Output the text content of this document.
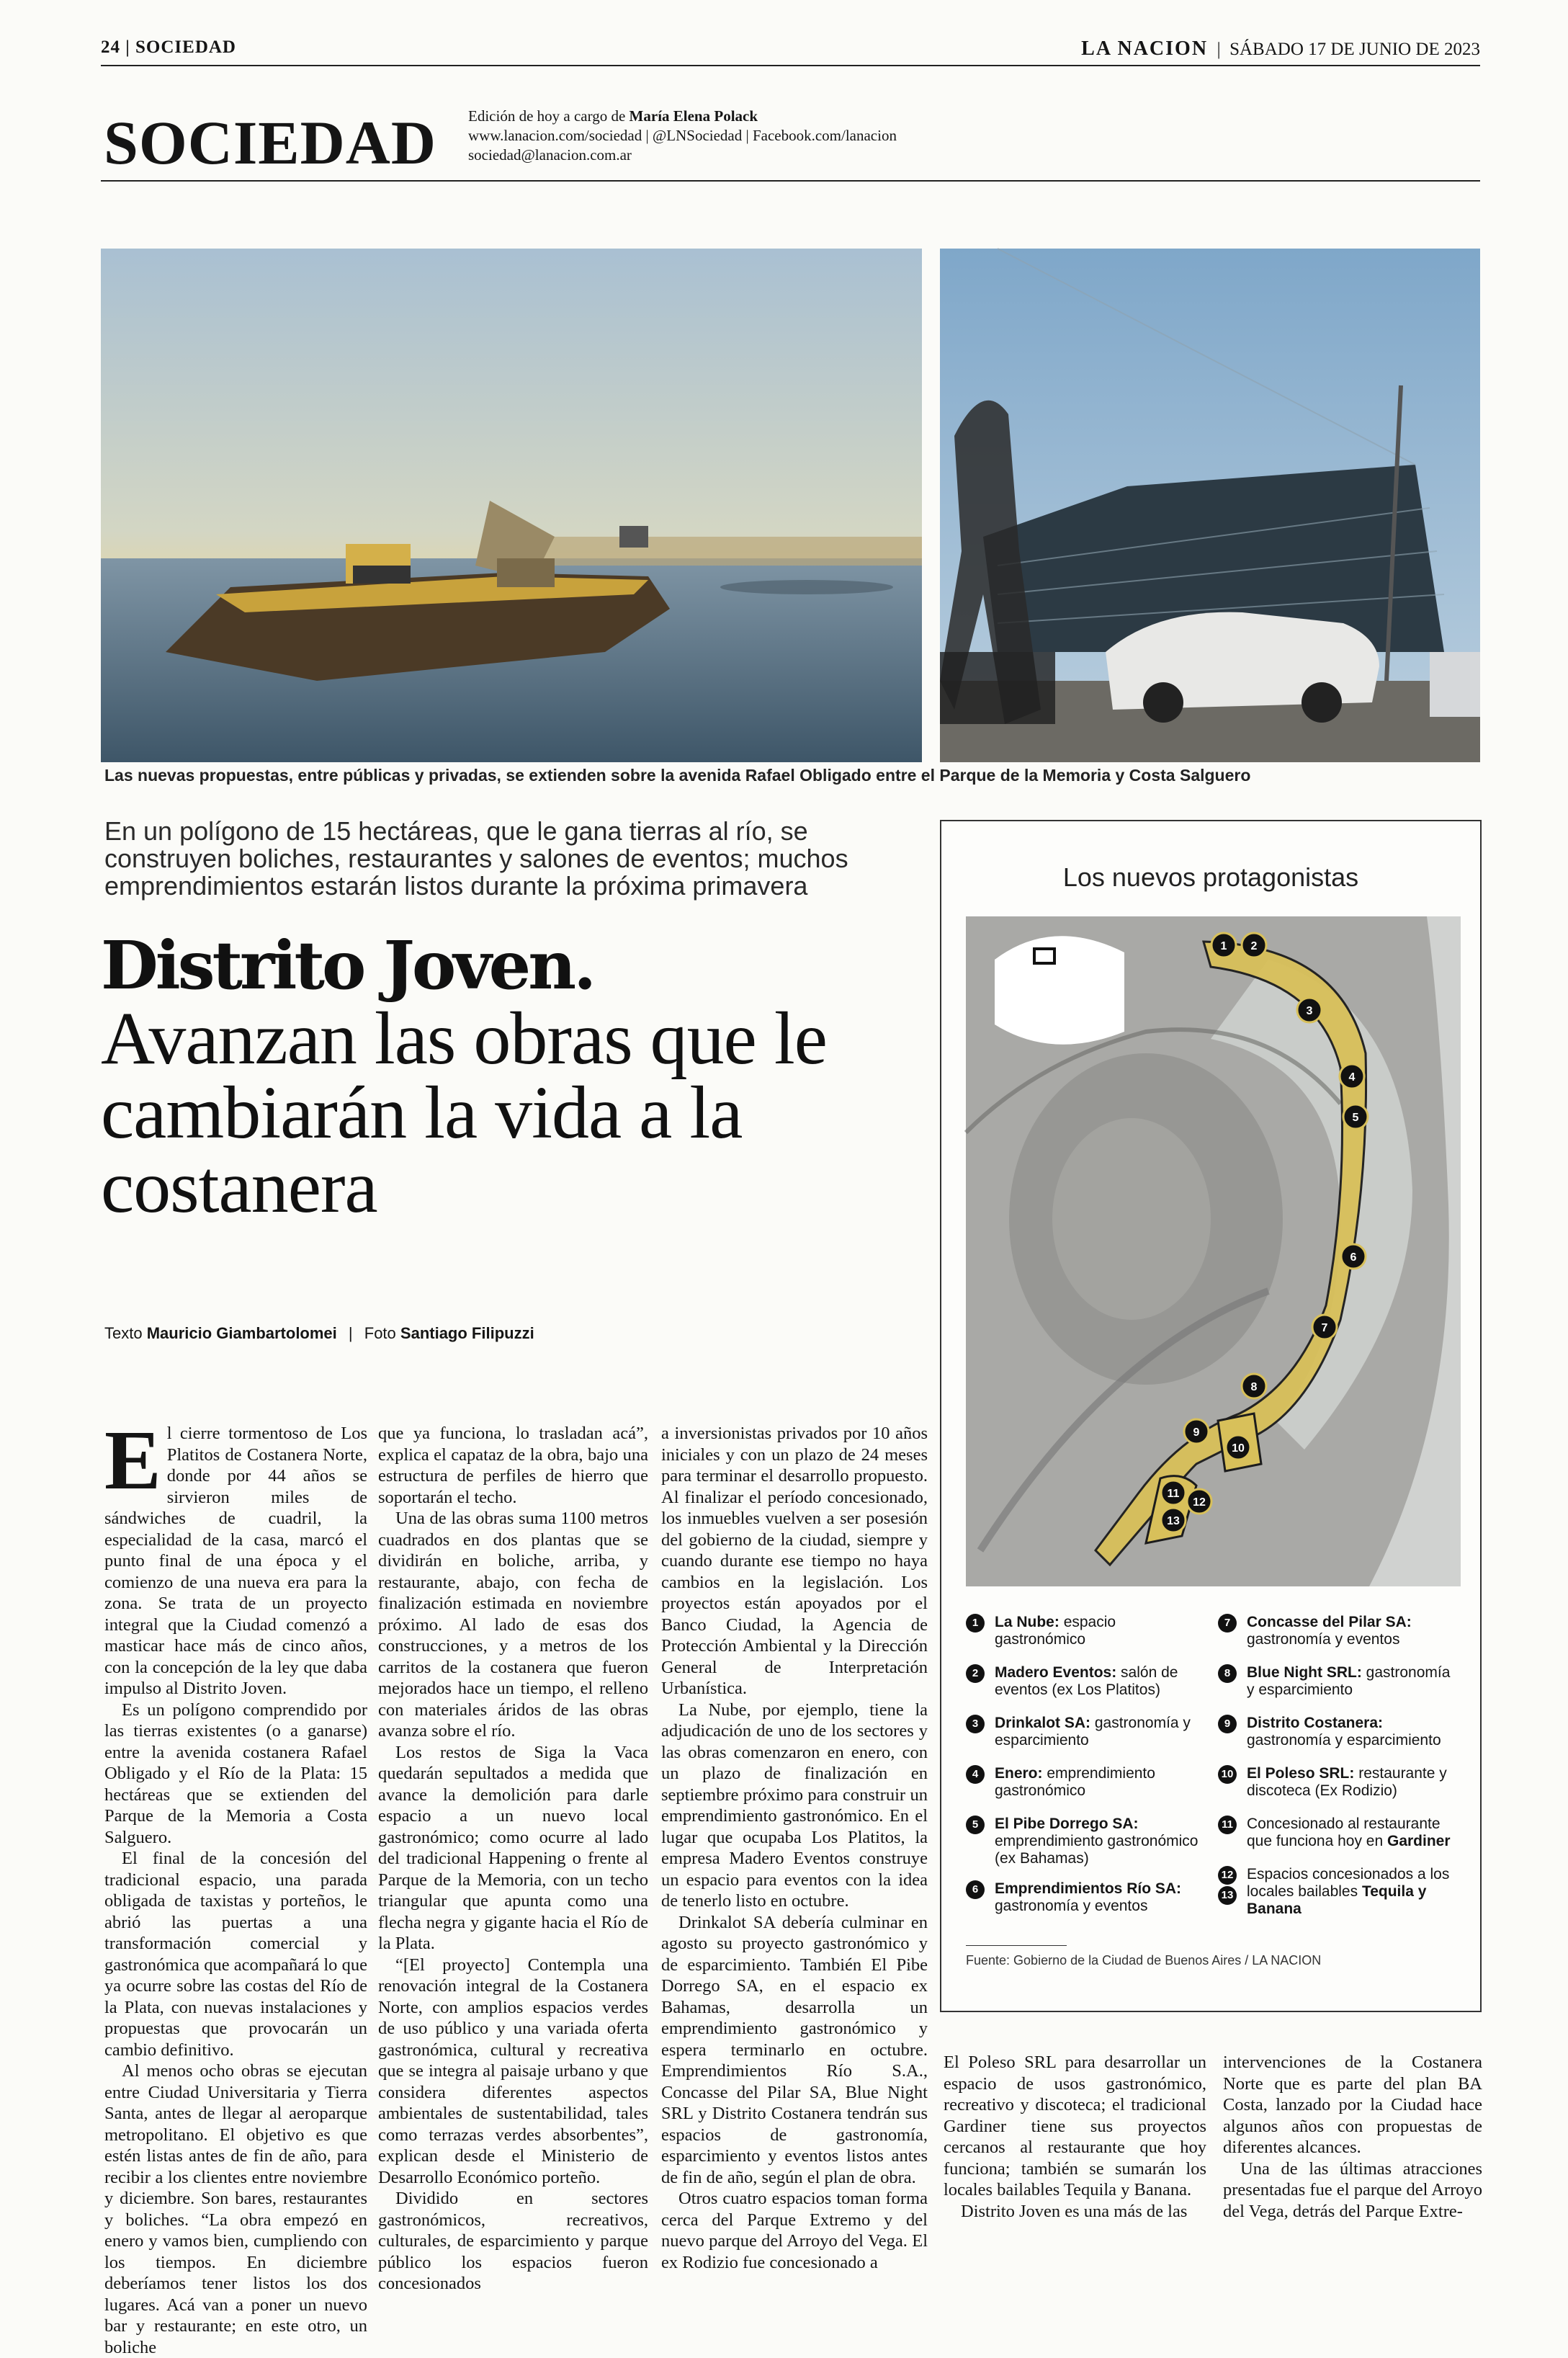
24 | SOCIEDAD	LA NACION  |  SÁBADO 17 DE JUNIO DE 2023
SOCIEDAD Edición de hoy a cargo de María Elena Polack
www.lanacion.com/sociedad | @LNSociedad | Facebook.com/lanacion
sociedad@lanacion.com.ar
Las nuevas propuestas, entre públicas y privadas, se extienden sobre la avenida Rafael Obligado entre el Parque de la Memoria y Costa Salguero
En un polígono de 15 hectáreas, que le gana tierras al río, se construyen boliches, restaurantes y salones de eventos; muchos emprendimientos estarán listos durante la próxima primavera
Distrito Joven.
Avanzan las obras que le cambiarán la vida a la costanera
Texto Mauricio Giambartolomei | Foto Santiago Filipuzzi

El cierre tormentoso de Los Platitos de Costanera Norte, donde por 44 años se sirvieron miles de sándwiches de cuadril, la especialidad de la casa, marcó el punto final de una época y el comienzo de una nueva era para la zona. Se trata de un proyecto integral que la Ciudad comenzó a masticar hace más de cinco años, con la concepción de la ley que daba impulso al Distrito Joven.

Es un polígono comprendido por las tierras existentes (o a ganarse) entre la avenida costanera Rafael Obligado y el Río de la Plata: 15 hectáreas que se extienden del Parque de la Memoria a Costa Salguero.

El final de la concesión del tradicional espacio, una parada obligada de taxistas y porteños, le abrió las puertas a una transformación comercial y gastronómica que acompañará lo que ya ocurre sobre las costas del Río de la Plata, con nuevas instalaciones y propuestas que provocarán un cambio definitivo.

Al menos ocho obras se ejecutan entre Ciudad Universitaria y Tierra Santa, antes de llegar al aeroparque metropolitano. El objetivo es que estén listas antes de fin de año, para recibir a los clientes entre noviembre y diciembre. Son bares, restaurantes y boliches. “La obra empezó en enero y vamos bien, cumpliendo con los tiempos. En diciembre deberíamos tener listos los dos lugares. Acá van a poner un nuevo bar y restaurante; en este otro, un boliche

que ya funciona, lo trasladan acá”, explica el capataz de la obra, bajo una estructura de perfiles de hierro que soportarán el techo.

Una de las obras suma 1100 metros cuadrados en dos plantas que se dividirán en boliche, arriba, y restaurante, abajo, con fecha de finalización estimada en noviembre próximo. Al lado de esas dos construcciones, y a metros de los carritos de la costanera que fueron mejorados hace un tiempo, el relleno con materiales áridos de las obras avanza sobre el río.

Los restos de Siga la Vaca quedarán sepultados a medida que avance la demolición para darle espacio a un nuevo local gastronómico; como ocurre al lado del tradicional Happening o frente al Parque de la Memoria, con un techo triangular que apunta como una flecha negra y gigante hacia el Río de la Plata.

“[El proyecto] Contempla una renovación integral de la Costanera Norte, con amplios espacios verdes de uso público y una variada oferta gastronómica, cultural y recreativa que se integra al paisaje urbano y que considera diferentes aspectos ambientales de sustentabilidad, tales como terrazas verdes absorbentes”, explican desde el Ministerio de Desarrollo Económico porteño.

Dividido en sectores gastronómicos, recreativos, culturales, de esparcimiento y parque público los espacios fueron concesionados

a inversionistas privados por 10 años iniciales y con un plazo de 24 meses para terminar el desarrollo propuesto. Al finalizar el período concesionado, los inmuebles vuelven a ser posesión del gobierno de la ciudad, siempre y cuando durante ese tiempo no haya cambios en la legislación. Los proyectos están apoyados por el Banco Ciudad, la Agencia de Protección Ambiental y la Dirección General de Interpretación Urbanística.

La Nube, por ejemplo, tiene la adjudicación de uno de los sectores y las obras comenzaron en enero, con un plazo de finalización en septiembre próximo para construir un emprendimiento gastronómico. En el lugar que ocupaba Los Platitos, la empresa Madero Eventos construye un espacio para eventos con la idea de tenerlo listo en octubre.

Drinkalot SA debería culminar en agosto su proyecto gastronómico y de esparcimiento. También El Pibe Dorrego SA, en el espacio ex Bahamas, desarrolla un emprendimiento gastronómico y espera terminarlo en octubre. Emprendimientos Río S.A., Concasse del Pilar SA, Blue Night SRL y Distrito Costanera tendrán sus espacios de gastronomía, esparcimiento y eventos listos antes de fin de año, según el plan de obra.

Otros cuatro espacios toman forma cerca del Parque Extremo y del nuevo parque del Arroyo del Vega. El ex Rodizio fue concesionado a

El Poleso SRL para desarrollar un espacio de usos gastronómico, recreativo y discoteca; el tradicional Gardiner tiene sus proyectos cercanos al restaurante que hoy funciona; también se sumarán los locales bailables Tequila y Banana.

Distrito Joven es una más de las

intervenciones de la Costanera Norte que es parte del plan BA Costa, lanzado por la Ciudad hace algunos años con propuestas de diferentes alcances.

Una de las últimas atracciones presentadas fue el parque del Arroyo del Vega, detrás del Parque Extre-

Los nuevos protagonistas
1 2
3
4
5
6
7
8
9
10
11
12
13
1	La Nube: espacio gastronómico
2	Madero Eventos: salón de eventos (ex Los Platitos)
3	Drinkalot SA: gastronomía y esparcimiento
4	Enero: emprendimiento gastronómico
5	El Pibe Dorrego SA: emprendimiento gastronómico (ex Bahamas)
6	Emprendimientos Río SA: gastronomía y eventos
7	Concasse del Pilar SA: gastronomía y eventos
8	Blue Night SRL: gastronomía y esparcimiento
9	Distrito Costanera: gastronomía y esparcimiento
10 El Poleso SRL: restaurante y discoteca (Ex Rodizio)
11 Concesionado al restaurante que funciona hoy en Gardiner
12
13
Espacios concesionados a los locales bailables Tequila y Banana
Fuente: Gobierno de la Ciudad de Buenos Aires / LA NACION
